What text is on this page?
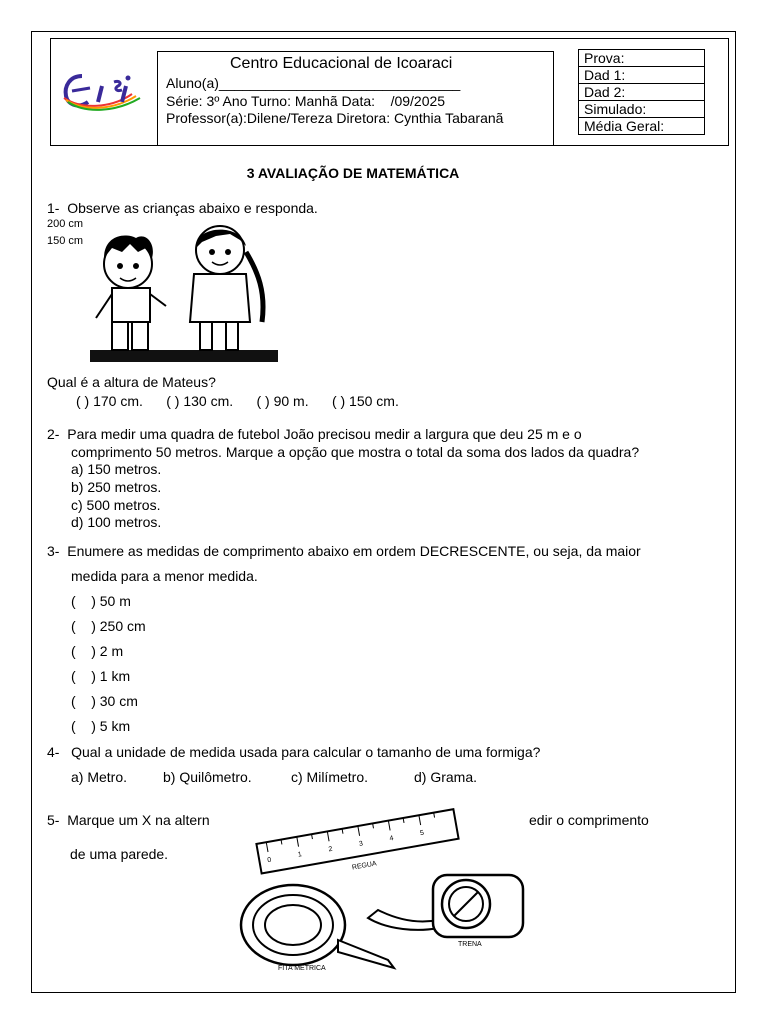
Centro Educacional de Icoaraci
Aluno(a)_______________________________
Série: 3º Ano Turno: Manhã Data:    /09/2025
Professor(a):Dilene/Tereza Diretora: Cynthia Tabaranã
Prova:
Dad 1:
Dad 2:
Simulado:
Média Geral:
3 AVALIAÇÃO DE MATEMÁTICA
1-  Observe as crianças abaixo e responda.
200 cm
150 cm
Qual é a altura de Mateus?
( ) 170 cm.      ( ) 130 cm.      ( ) 90 m.      ( ) 150 cm.
2-  Para medir uma quadra de futebol João precisou medir a largura que deu 25 m e o
comprimento 50 metros. Marque a opção que mostra o total da soma dos lados da quadra?
a) 150 metros.
b) 250 metros.
c) 500 metros.
d) 100 metros.
3-  Enumere as medidas de comprimento abaixo em ordem DECRESCENTE, ou seja, da maior
medida para a menor medida.
(    ) 50 m
(    ) 250 cm
(    ) 2 m
(    ) 1 km
(    ) 30 cm
(    ) 5 km
4-   Qual a unidade de medida usada para calcular o tamanho de uma formiga?
a) Metro.	b) Quilômetro.	c) Milímetro.	d) Grama.
5-  Marque um X na altern	edir o comprimento
de uma parede.	0
1
2
3
4
5
REGUA
FITA MÉTRICA
TRENA
